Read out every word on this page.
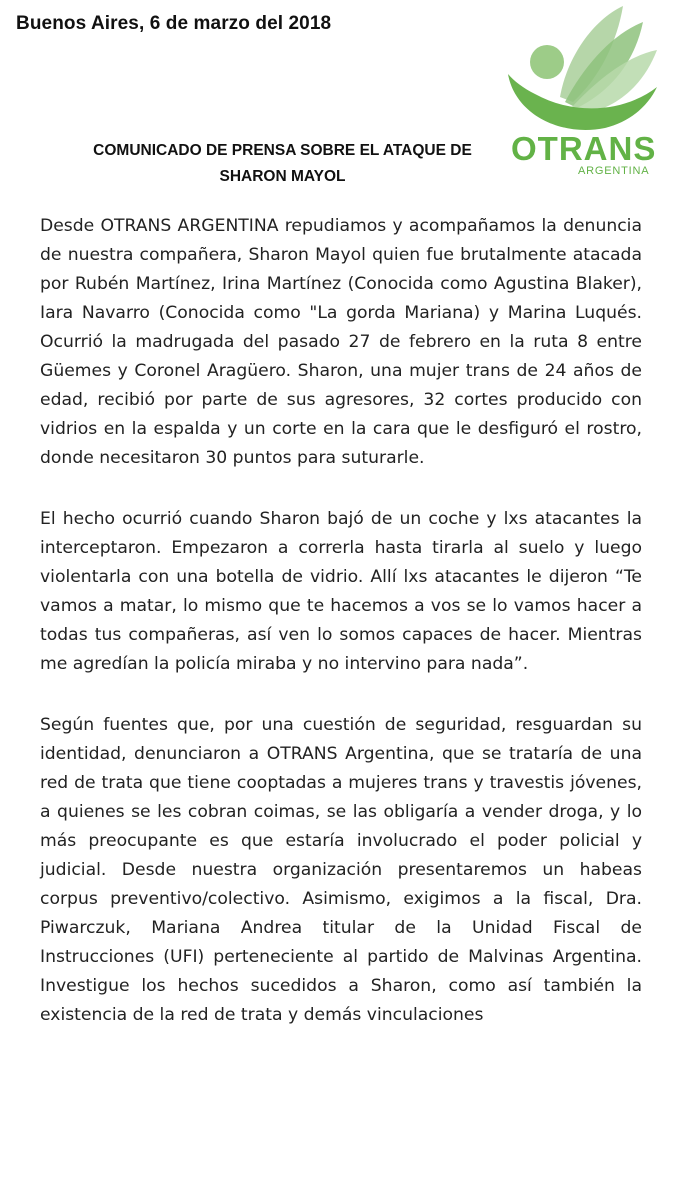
Buenos Aires, 6 de marzo del 2018

OTRANS

ARGENTINA

COMUNICADO DE PRENSA SOBRE EL ATAQUE DE SHARON MAYOL

Desde OTRANS ARGENTINA repudiamos y acompañamos la denuncia de nuestra compañera, Sharon Mayol quien fue brutalmente atacada por Rubén Martínez, Irina Martínez (Conocida como Agustina Blaker), Iara Navarro (Conocida como "La gorda Mariana) y Marina Luqués. Ocurrió la madrugada del pasado 27 de febrero en la ruta 8 entre Güemes y Coronel Aragüero. Sharon, una mujer trans de 24 años de edad, recibió por parte de sus agresores, 32 cortes producido con vidrios en la espalda y un corte en la cara que le desfiguró el rostro, donde necesitaron 30 puntos para suturarle.

El hecho ocurrió cuando Sharon bajó de un coche y lxs atacantes la interceptaron. Empezaron a correrla hasta tirarla al suelo y luego violentarla con una botella de vidrio. Allí lxs atacantes le dijeron “Te vamos a matar, lo mismo que te hacemos a vos se lo vamos hacer a todas tus compañeras, así ven lo somos capaces de hacer. Mientras me agredían la policía miraba y no intervino para nada”.

Según fuentes que, por una cuestión de seguridad, resguardan su identidad, denunciaron a OTRANS Argentina, que se trataría de una red de trata que tiene cooptadas a mujeres trans y travestis jóvenes, a quienes se les cobran coimas, se las obligaría a vender droga, y lo más preocupante es que estaría involucrado el poder policial y judicial. Desde nuestra organización presentaremos un habeas corpus preventivo/colectivo. Asimismo, exigimos a la fiscal, Dra. Piwarczuk, Mariana Andrea titular de la Unidad Fiscal de Instrucciones (UFI) perteneciente al partido de Malvinas Argentina. Investigue los hechos sucedidos a Sharon, como así también la existencia de la red de trata y demás vinculaciones
